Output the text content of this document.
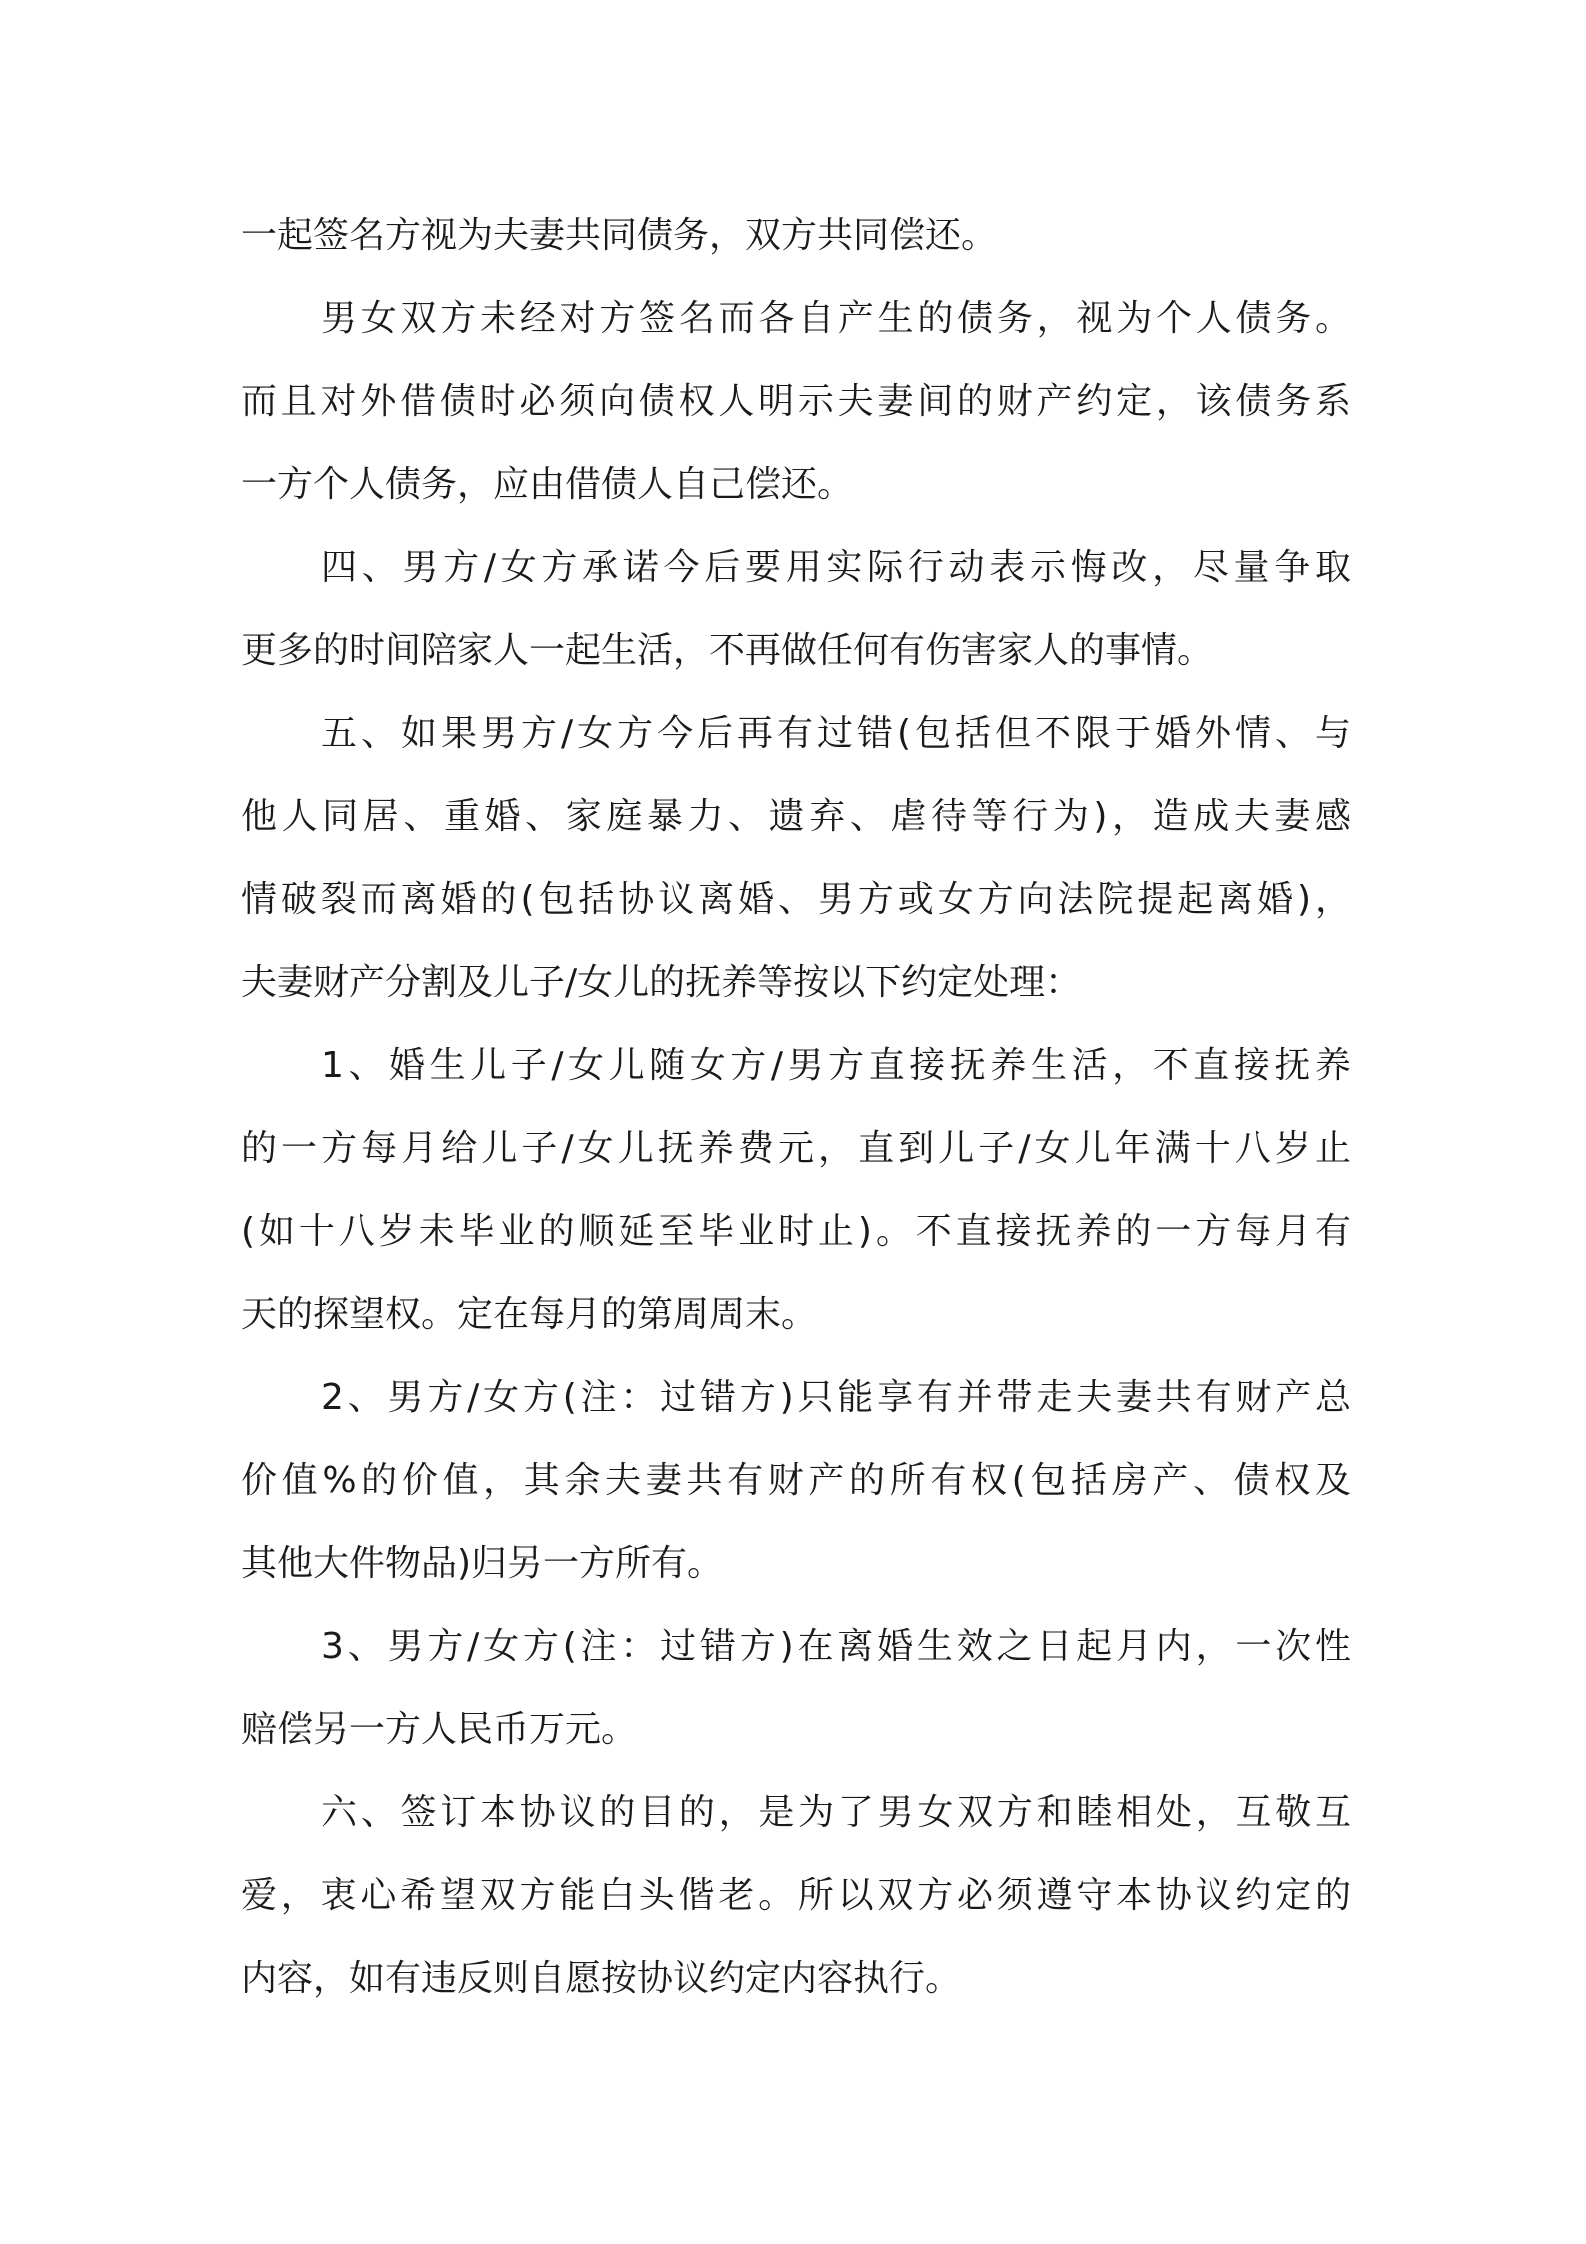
一起签名方视为夫妻共同债务，双方共同偿还。
男女双方未经对方签名而各自产生的债务，视为个人债务。
而且对外借债时必须向债权人明示夫妻间的财产约定，该债务系
一方个人债务，应由借债人自己偿还。
四、男方/女方承诺今后要用实际行动表示悔改，尽量争取
更多的时间陪家人一起生活，不再做任何有伤害家人的事情。
五、如果男方/女方今后再有过错(包括但不限于婚外情、与
他人同居、重婚、家庭暴力、遗弃、虐待等行为)，造成夫妻感
情破裂而离婚的(包括协议离婚、男方或女方向法院提起离婚)，
夫妻财产分割及儿子/女儿的抚养等按以下约定处理：
1、婚生儿子/女儿随女方/男方直接抚养生活，不直接抚养
的一方每月给儿子/女儿抚养费元，直到儿子/女儿年满十八岁止
(如十八岁未毕业的顺延至毕业时止)。不直接抚养的一方每月有
天的探望权。定在每月的第周周末。
2、男方/女方(注：过错方)只能享有并带走夫妻共有财产总
价值%的价值，其余夫妻共有财产的所有权(包括房产、债权及
其他大件物品)归另一方所有。
3、男方/女方(注：过错方)在离婚生效之日起月内，一次性
赔偿另一方人民币万元。
六、签订本协议的目的，是为了男女双方和睦相处，互敬互
爱，衷心希望双方能白头偕老。所以双方必须遵守本协议约定的
内容，如有违反则自愿按协议约定内容执行。
